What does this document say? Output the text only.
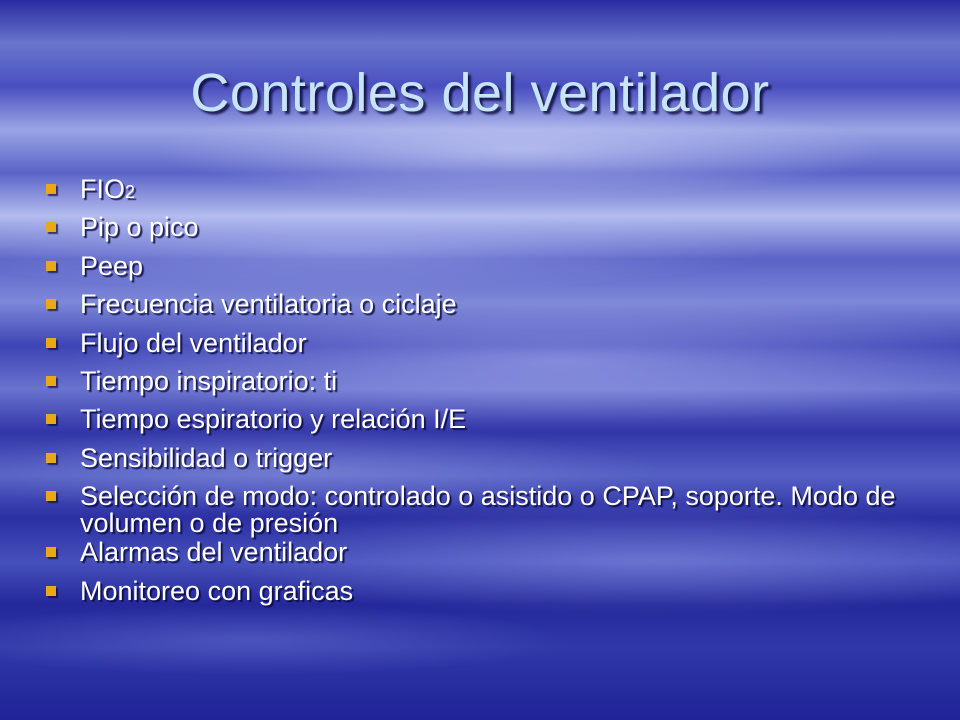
Controles del ventilador
FIO2
Pip o pico
Peep
Frecuencia ventilatoria o ciclaje
Flujo del ventilador
Tiempo inspiratorio: ti
Tiempo espiratorio y relación I/E
Sensibilidad o trigger
Selección de modo: controlado o asistido o CPAP, soporte. Modo de volumen o de presión
Alarmas del ventilador
Monitoreo con graficas
